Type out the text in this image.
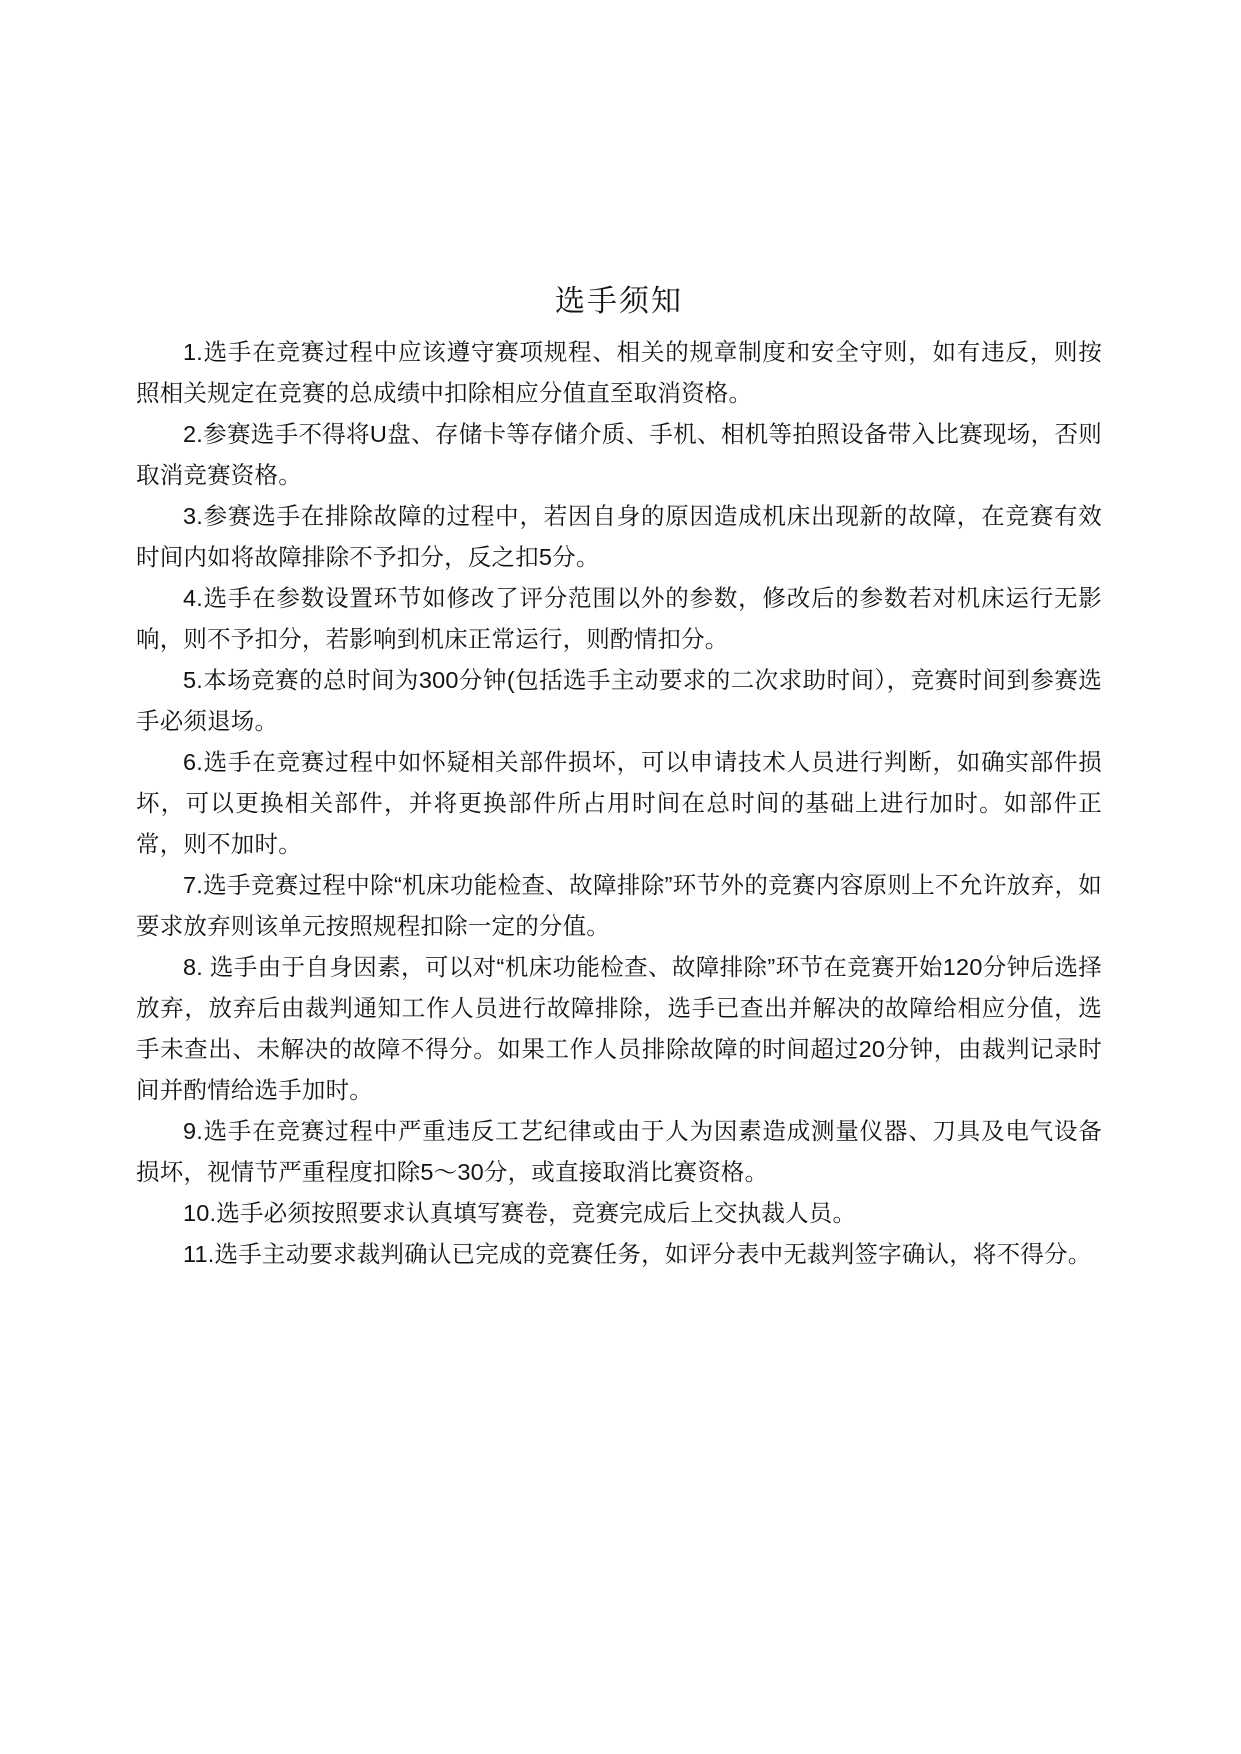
选手须知

1.选手在竞赛过程中应该遵守赛项规程、相关的规章制度和安全守则，如有违反，则按照相关规定在竞赛的总成绩中扣除相应分值直至取消资格。

2.参赛选手不得将U盘、存储卡等存储介质、手机、相机等拍照设备带入比赛现场，否则取消竞赛资格。

3.参赛选手在排除故障的过程中，若因自身的原因造成机床出现新的故障，在竞赛有效时间内如将故障排除不予扣分，反之扣5分。

4.选手在参数设置环节如修改了评分范围以外的参数，修改后的参数若对机床运行无影响，则不予扣分，若影响到机床正常运行，则酌情扣分。

5.本场竞赛的总时间为300分钟(包括选手主动要求的二次求助时间），竞赛时间到参赛选手必须退场。

6.选手在竞赛过程中如怀疑相关部件损坏，可以申请技术人员进行判断，如确实部件损坏，可以更换相关部件，并将更换部件所占用时间在总时间的基础上进行加时。如部件正常，则不加时。

7.选手竞赛过程中除“机床功能检查、故障排除”环节外的竞赛内容原则上不允许放弃，如要求放弃则该单元按照规程扣除一定的分值。

8. 选手由于自身因素，可以对“机床功能检查、故障排除”环节在竞赛开始120分钟后选择放弃，放弃后由裁判通知工作人员进行故障排除，选手已查出并解决的故障给相应分值，选手未查出、未解决的故障不得分。如果工作人员排除故障的时间超过20分钟，由裁判记录时间并酌情给选手加时。

9.选手在竞赛过程中严重违反工艺纪律或由于人为因素造成测量仪器、刀具及电气设备损坏，视情节严重程度扣除5～30分，或直接取消比赛资格。

10.选手必须按照要求认真填写赛卷，竞赛完成后上交执裁人员。

11.选手主动要求裁判确认已完成的竞赛任务，如评分表中无裁判签字确认，将不得分。
